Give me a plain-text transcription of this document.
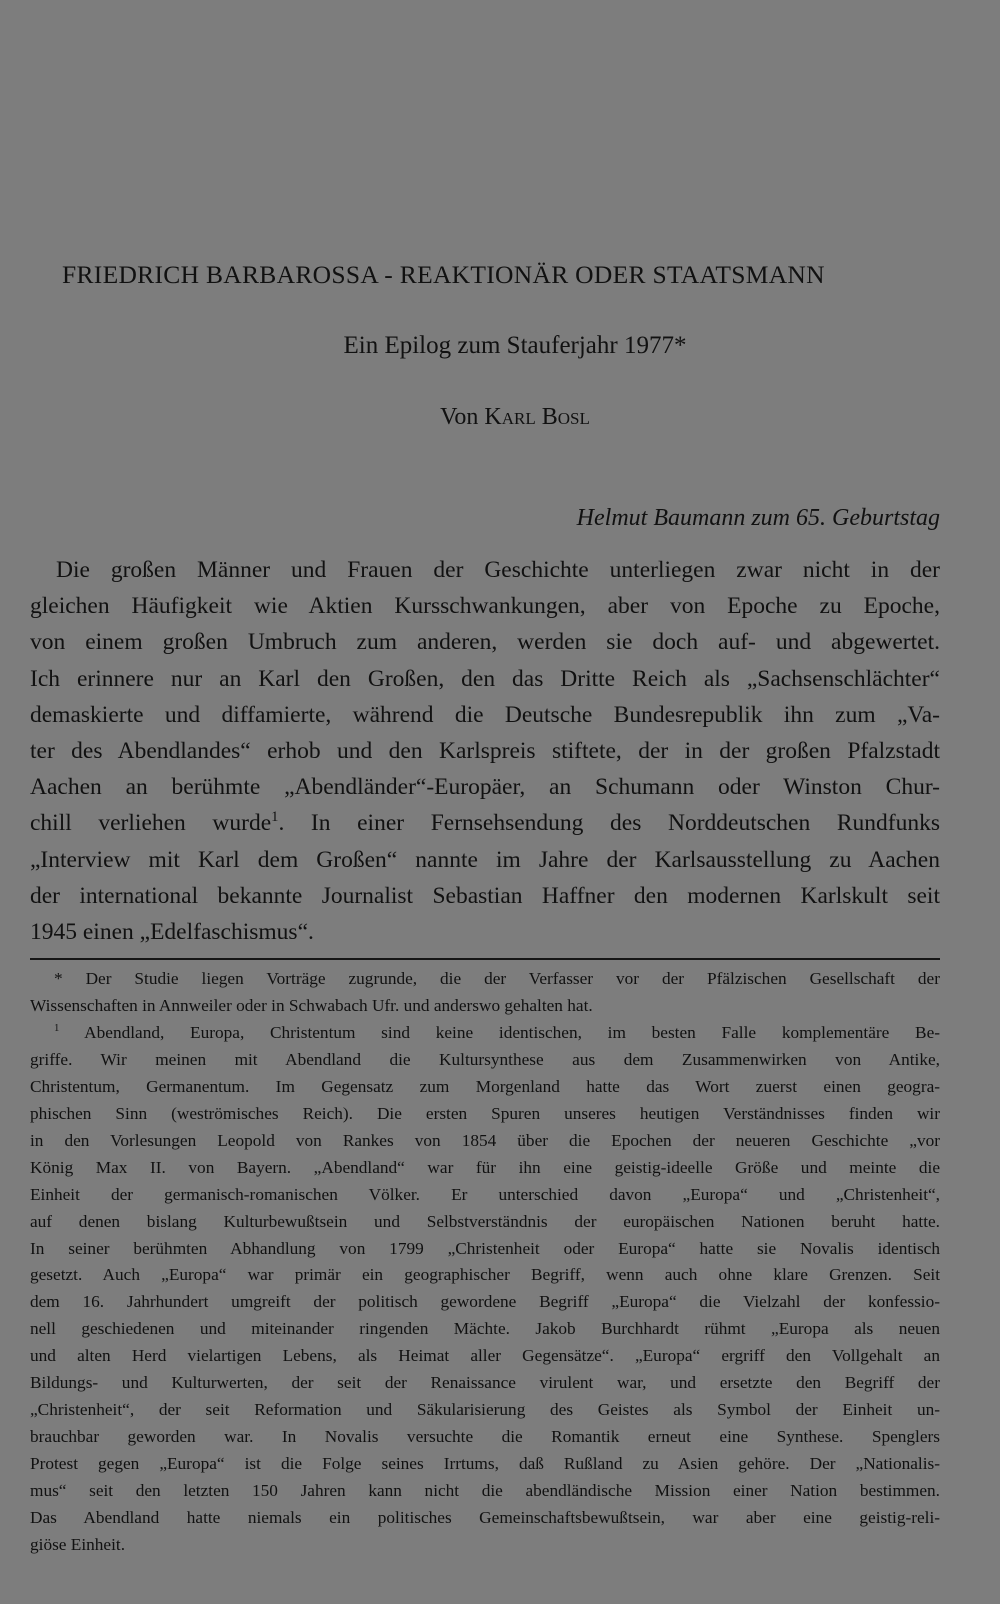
FRIEDRICH BARBAROSSA - REAKTIONÄR ODER STAATSMANN
Ein Epilog zum Stauferjahr 1977*
Von Karl Bosl
Helmut Baumann zum 65. Geburtstag
Die großen Männer und Frauen der Geschichte unterliegen zwar nicht in der
gleichen Häufigkeit wie Aktien Kursschwankungen, aber von Epoche zu Epoche,
von einem großen Umbruch zum anderen, werden sie doch auf- und abgewertet.
Ich erinnere nur an Karl den Großen, den das Dritte Reich als „Sachsenschlächter“
demaskierte und diffamierte, während die Deutsche Bundesrepublik ihn zum „Va-
ter des Abendlandes“ erhob und den Karlspreis stiftete, der in der großen Pfalzstadt
Aachen an berühmte „Abendländer“-Europäer, an Schumann oder Winston Chur-
chill verliehen wurde$^1$. In einer Fernsehsendung des Norddeutschen Rundfunks
„Interview mit Karl dem Großen“ nannte im Jahre der Karlsausstellung zu Aachen
der international bekannte Journalist Sebastian Haffner den modernen Karlskult seit
1945 einen „Edelfaschismus“.
* Der Studie liegen Vorträge zugrunde, die der Verfasser vor der Pfälzischen Gesellschaft der
Wissenschaften in Annweiler oder in Schwabach Ufr. und anderswo gehalten hat.
$^1$ Abendland, Europa, Christentum sind keine identischen, im besten Falle komplementäre Be-
griffe. Wir meinen mit Abendland die Kultursynthese aus dem Zusammenwirken von Antike,
Christentum, Germanentum. Im Gegensatz zum Morgenland hatte das Wort zuerst einen geogra-
phischen Sinn (weströmisches Reich). Die ersten Spuren unseres heutigen Verständnisses finden wir
in den Vorlesungen Leopold von Rankes von 1854 über die Epochen der neueren Geschichte „vor
König Max II. von Bayern. „Abendland“ war für ihn eine geistig-ideelle Größe und meinte die
Einheit der germanisch-romanischen Völker. Er unterschied davon „Europa“ und „Christenheit“,
auf denen bislang Kulturbewußtsein und Selbstverständnis der europäischen Nationen beruht hatte.
In seiner berühmten Abhandlung von 1799 „Christenheit oder Europa“ hatte sie Novalis identisch
gesetzt. Auch „Europa“ war primär ein geographischer Begriff, wenn auch ohne klare Grenzen. Seit
dem 16. Jahrhundert umgreift der politisch gewordene Begriff „Europa“ die Vielzahl der konfessio-
nell geschiedenen und miteinander ringenden Mächte. Jakob Burchhardt rühmt „Europa als neuen
und alten Herd vielartigen Lebens, als Heimat aller Gegensätze“. „Europa“ ergriff den Vollgehalt an
Bildungs- und Kulturwerten, der seit der Renaissance virulent war, und ersetzte den Begriff der
„Christenheit“, der seit Reformation und Säkularisierung des Geistes als Symbol der Einheit un-
brauchbar geworden war. In Novalis versuchte die Romantik erneut eine Synthese. Spenglers
Protest gegen „Europa“ ist die Folge seines Irrtums, daß Rußland zu Asien gehöre. Der „Nationalis-
mus“ seit den letzten 150 Jahren kann nicht die abendländische Mission einer Nation bestimmen.
Das Abendland hatte niemals ein politisches Gemeinschaftsbewußtsein, war aber eine geistig-reli-
giöse Einheit.
